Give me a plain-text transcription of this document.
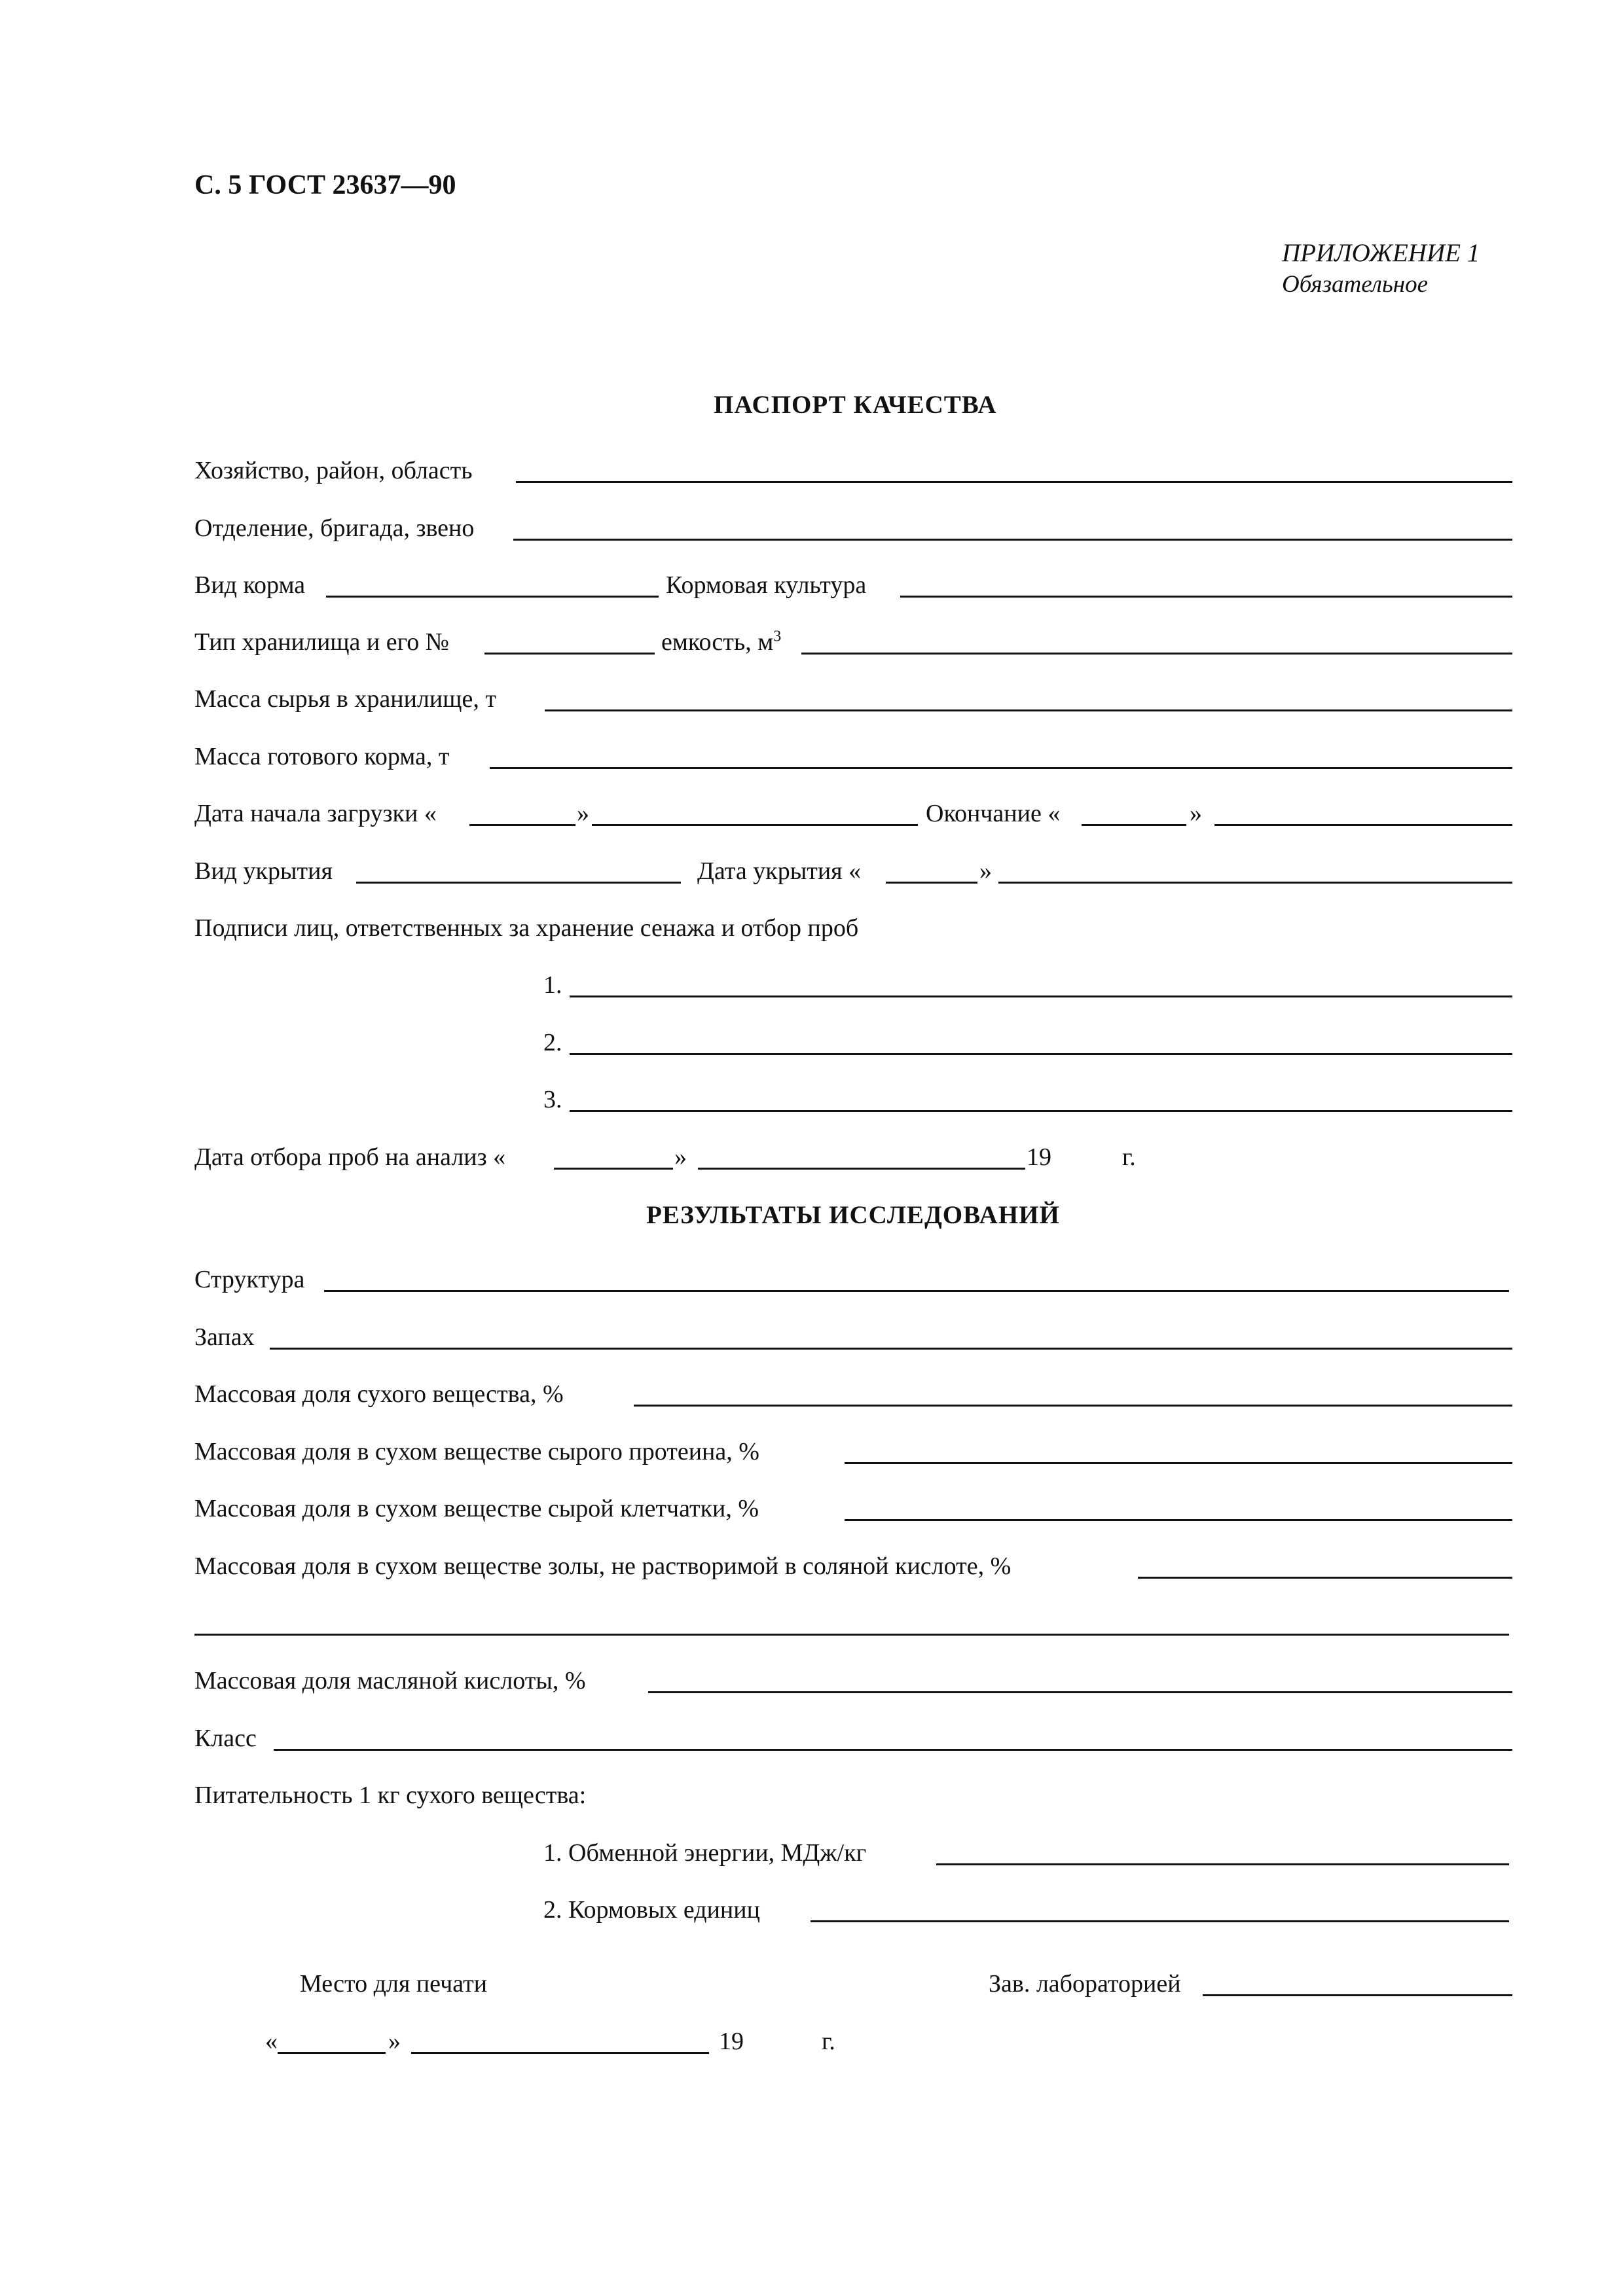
С. 5 ГОСТ 23637—90
ПРИЛОЖЕНИЕ 1
Обязательное
ПАСПОРТ КАЧЕСТВА
Хозяйство, район, область
Отделение, бригада, звено
Вид корма	Кормовая культура
Тип хранилища и его №	емкость, $м^3$
Масса сырья в хранилище, т
Масса готового корма, т
Дата начала загрузки «	»	Окончание «	»
Вид укрытия	Дата укрытия «	»
Подписи лиц, ответственных за хранение сенажа и отбор проб
1.
2.
3.
Дата отбора проб на анализ «	»	19	г.
РЕЗУЛЬТАТЫ ИССЛЕДОВАНИЙ
Структура
Запах
Массовая доля сухого вещества, %
Массовая доля в сухом веществе сырого протеина, %
Массовая доля в сухом веществе сырой клетчатки, %
Массовая доля в сухом веществе золы, не растворимой в соляной кислоте, %
Массовая доля масляной кислоты, %
Класс
Питательность 1 кг сухого вещества:
1. Обменной энергии, МДж/кг
2. Кормовых единиц
Место для печати	Зав. лабораторией
«	»	19	г.
